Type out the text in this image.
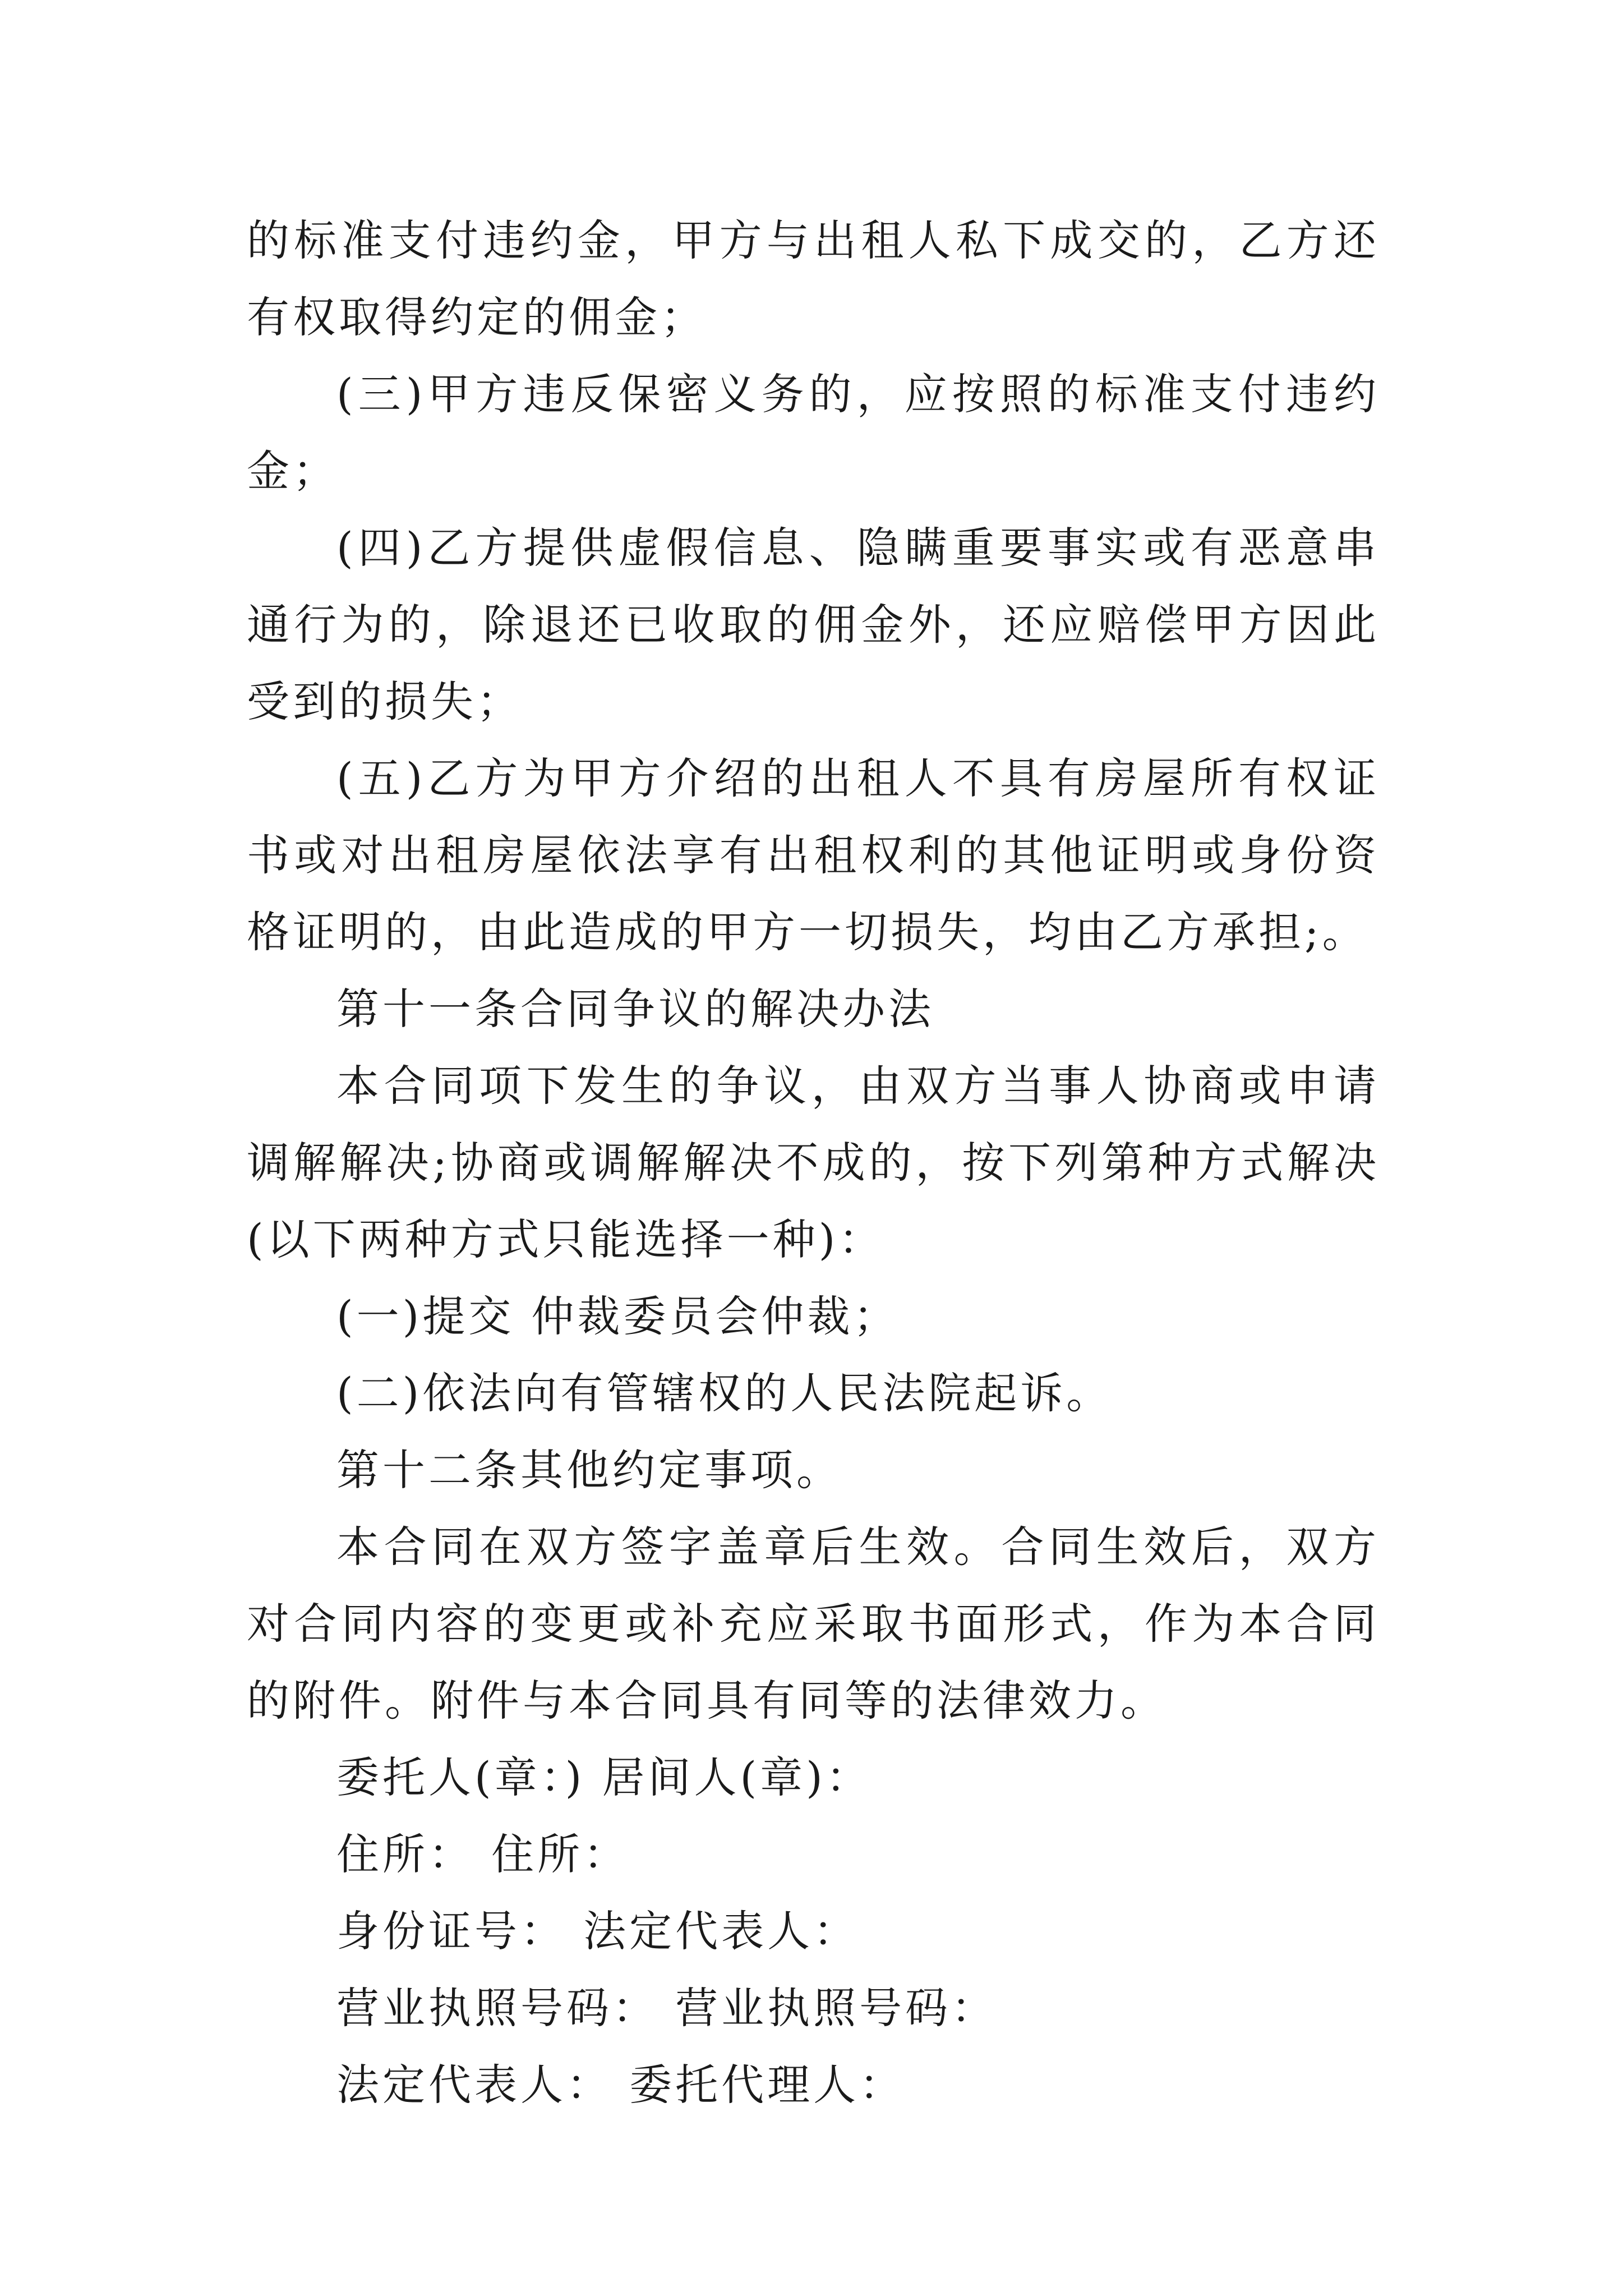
的标准支付违约金，甲方与出租人私下成交的，乙方还有权取得约定的佣金；

(三)甲方违反保密义务的，应按照的标准支付违约金；

(四)乙方提供虚假信息、隐瞒重要事实或有恶意串通行为的，除退还已收取的佣金外，还应赔偿甲方因此受到的损失；

(五)乙方为甲方介绍的出租人不具有房屋所有权证书或对出租房屋依法享有出租权利的其他证明或身份资格证明的，由此造成的甲方一切损失，均由乙方承担;。

第十一条合同争议的解决办法

本合同项下发生的争议，由双方当事人协商或申请调解解决;协商或调解解决不成的，按下列第种方式解决(以下两种方式只能选择一种)：

(一)提交 仲裁委员会仲裁；

(二)依法向有管辖权的人民法院起诉。

第十二条其他约定事项。

本合同在双方签字盖章后生效。合同生效后，双方对合同内容的变更或补充应采取书面形式，作为本合同的附件。附件与本合同具有同等的法律效力。

委托人(章：) 居间人(章)：

住所： 住所：

身份证号： 法定代表人：

营业执照号码： 营业执照号码：

法定代表人： 委托代理人：
